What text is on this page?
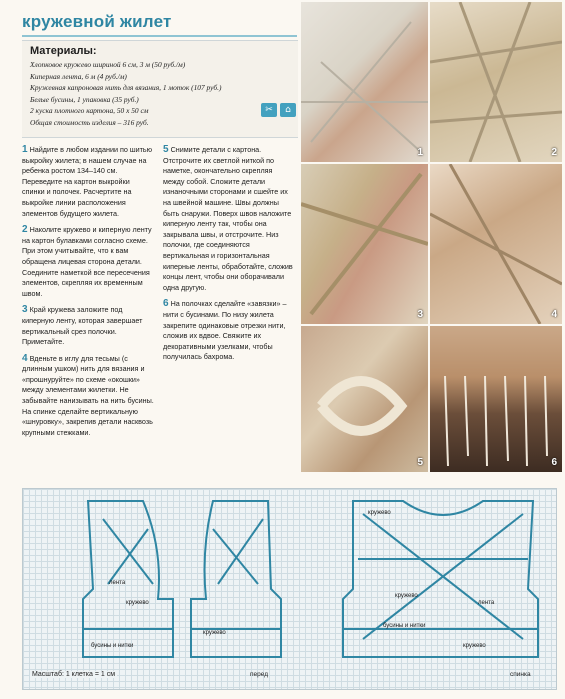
кружевной жилет
Материалы:
Хлопковое кружево шириной 6 см, 3 м (50 руб./м)
Киперная лента, 6 м (4 руб./м)
Кружевная капроновая нить для вязания, 1 моток (107 руб.)
Белые бусины, 1 упаковка (35 руб.)
2 куска плотного картона, 50 x 50 см
Общая стоимость изделия – 316 руб.
✂	⌂

1 Найдите в любом издании по шитью выкройку жилета; в нашем случае на ребенка ростом 134–140 см. Переведите на картон выкройки спинки и полочек. Расчертите на выкройке линии расположения элементов будущего жилета.

2 Наколите кружево и киперную ленту на картон булавками согласно схеме. При этом учитывайте, что к вам обращена лицевая сторона детали. Соедините наметкой все пересечения элементов, скрепляя их временным швом.

3 Край кружева заложите под киперную ленту, которая завершает вертикальный срез полочки. Приметайте.

4 Вденьте в иглу для тесьмы (с длинным ушком) нить для вязания и «прошнуруйте» по схеме «окошки» между элементами жилетки. Не забывайте нанизывать на нить бусины. На спинке сделайте вертикальную «шнуровку», закрепив детали насквозь крупными стежками.

5 Снимите детали с картона. Отстрочите их светлой ниткой по наметке, окончательно скрепляя между собой. Сложите детали изнаночными сторонами и сшейте их на швейной машине. Швы должны быть снаружи. Поверх швов наложите киперную ленту так, чтобы она закрывала швы, и отстрочите. Низ полочки, где соединяются вертикальная и горизонтальная киперные ленты, обработайте, сложив концы лент, чтобы они оборачивали одна другую.

6 На полочках сделайте «завязки» – нити с бусинами. По низу жилета закрепите одинаковые отрезки нити, сложив их вдвое. Свяжите их декоративными узелками, чтобы получилась бахрома.

1	2
3	4
5	6
лента
кружево
кружево
бусины и нитки
кружево
кружево
кружево
бусины и нитки
лента
Масштаб: 1 клетка = 1 см	перед	спинка
